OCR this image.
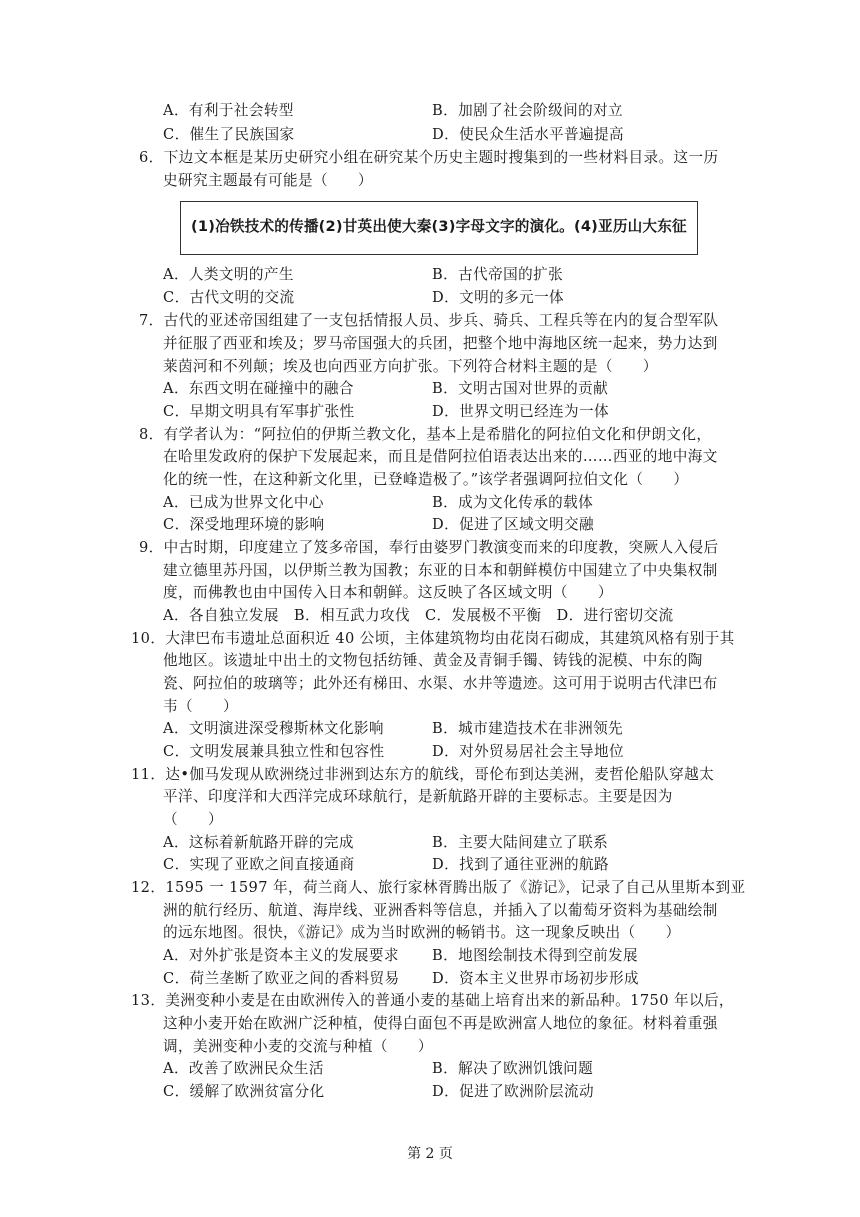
A．有利于社会转型	B．加剧了社会阶级间的对立
C．催生了民族国家	D．使民众生活水平普遍提高
6．下边文本框是某历史研究小组在研究某个历史主题时搜集到的一些材料目录。这一历
史研究主题最有可能是（　　）
(1)冶铁技术的传播(2)甘英出使大秦(3)字母文字的演化。(4)亚历山大东征
A．人类文明的产生	B．古代帝国的扩张
C．古代文明的交流	D．文明的多元一体
7．古代的亚述帝国组建了一支包括情报人员、步兵、骑兵、工程兵等在内的复合型军队
并征服了西亚和埃及；罗马帝国强大的兵团，把整个地中海地区统一起来，势力达到
莱茵河和不列颠；埃及也向西亚方向扩张。下列符合材料主题的是（　　）
A．东西文明在碰撞中的融合	B．文明古国对世界的贡献
C．早期文明具有军事扩张性	D．世界文明已经连为一体
8．有学者认为：“阿拉伯的伊斯兰教文化，基本上是希腊化的阿拉伯文化和伊朗文化，
在哈里发政府的保护下发展起来，而且是借阿拉伯语表达出来的……西亚的地中海文
化的统一性，在这种新文化里，已登峰造极了。”该学者强调阿拉伯文化（　　）
A．已成为世界文化中心	B．成为文化传承的载体
C．深受地理环境的影响	D．促进了区域文明交融
9．中古时期，印度建立了笈多帝国，奉行由婆罗门教演变而来的印度教，突厥人入侵后
建立德里苏丹国，以伊斯兰教为国教；东亚的日本和朝鲜模仿中国建立了中央集权制
度，而佛教也由中国传入日本和朝鲜。这反映了各区域文明（　　）
A．各自独立发展　B．相互武力攻伐　C．发展极不平衡　D．进行密切交流
10．大津巴布韦遗址总面积近 40 公顷，主体建筑物均由花岗石砌成，其建筑风格有别于其
他地区。该遗址中出土的文物包括纺锤、黄金及青铜手镯、铸钱的泥模、中东的陶
瓷、阿拉伯的玻璃等；此外还有梯田、水渠、水井等遗迹。这可用于说明古代津巴布
韦（　　）
A．文明演进深受穆斯林文化影响	B．城市建造技术在非洲领先
C．文明发展兼具独立性和包容性	D．对外贸易居社会主导地位
11．达•伽马发现从欧洲绕过非洲到达东方的航线，哥伦布到达美洲，麦哲伦船队穿越太
平洋、印度洋和大西洋完成环球航行，是新航路开辟的主要标志。主要是因为
（　　）
A．这标着新航路开辟的完成	B．主要大陆间建立了联系
C．实现了亚欧之间直接通商	D．找到了通往亚洲的航路
12．1595 一 1597 年，荷兰商人、旅行家林胥腾出版了《游记》，记录了自己从里斯本到亚
洲的航行经历、航道、海岸线、亚洲香料等信息，并插入了以葡萄牙资料为基础绘制
的远东地图。很快，《游记》成为当时欧洲的畅销书。这一现象反映出（　　）
A．对外扩张是资本主义的发展要求 B．地图绘制技术得到空前发展
C．荷兰垄断了欧亚之间的香料贸易 D．资本主义世界市场初步形成
13．美洲变种小麦是在由欧洲传入的普通小麦的基础上培育出来的新品种。1750 年以后，
这种小麦开始在欧洲广泛种植，使得白面包不再是欧洲富人地位的象征。材料着重强
调，美洲变种小麦的交流与种植（　　）
A．改善了欧洲民众生活	B．解决了欧洲饥饿问题
C．缓解了欧洲贫富分化	D．促进了欧洲阶层流动
第 2 页
